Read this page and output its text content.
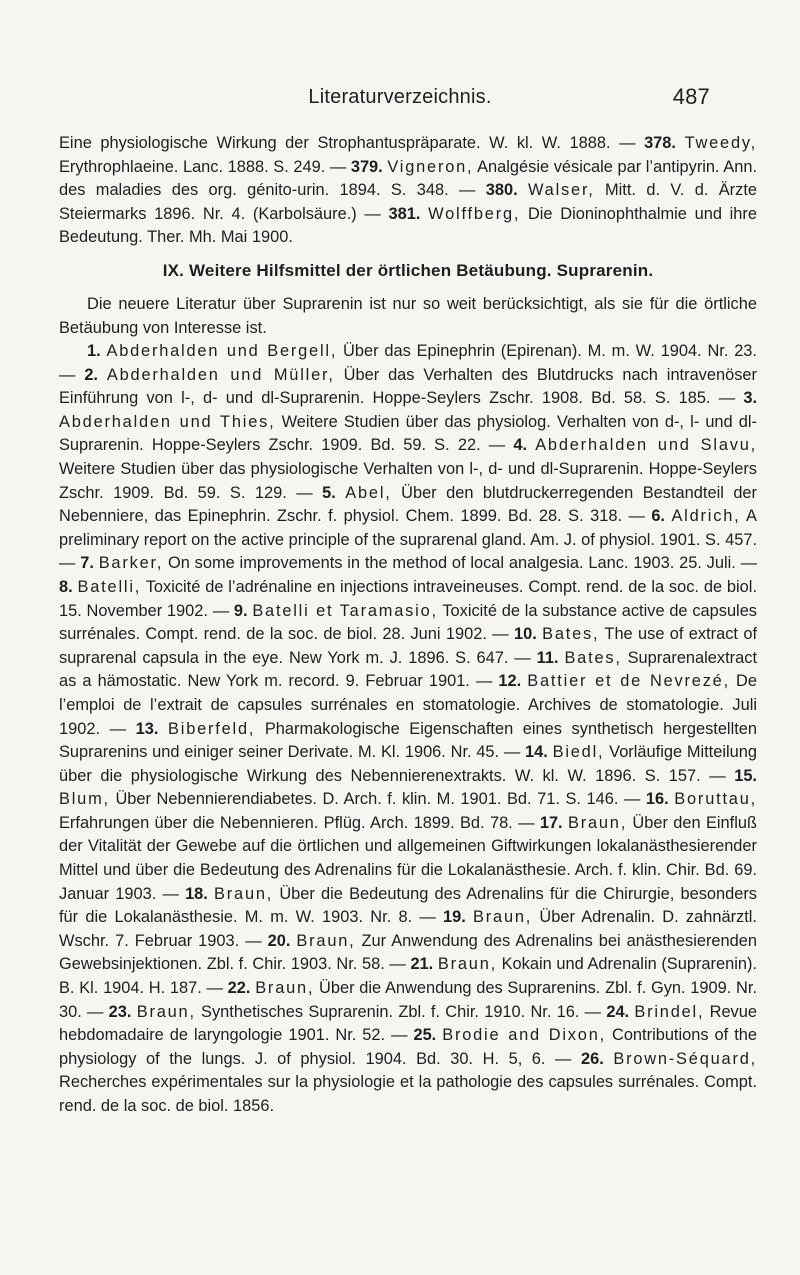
Literaturverzeichnis.	487
Eine physiologische Wirkung der Strophantuspräparate. W. kl. W. 1888. — 378. Tweedy, Erythrophlaeine. Lanc. 1888. S. 249. — 379. Vigneron, Analgésie vésicale par l’antipyrin. Ann. des maladies des org. génito-urin. 1894. S. 348. — 380. Walser, Mitt. d. V. d. Ärzte Steiermarks 1896. Nr. 4. (Karbolsäure.) — 381. Wolffberg, Die Dioninophthalmie und ihre Bedeutung. Ther. Mh. Mai 1900.
IX. Weitere Hilfsmittel der örtlichen Betäubung. Suprarenin.
Die neuere Literatur über Suprarenin ist nur so weit berücksichtigt, als sie für die örtliche Betäubung von Interesse ist.
1. Abderhalden und Bergell, Über das Epinephrin (Epirenan). M. m. W. 1904. Nr. 23. — 2. Abderhalden und Müller, Über das Verhalten des Blutdrucks nach intravenöser Einführung von l-, d- und dl-Suprarenin. Hoppe-Seylers Zschr. 1908. Bd. 58. S. 185. — 3. Abderhalden und Thies, Weitere Studien über das physiolog. Verhalten von d-, l- und dl-Suprarenin. Hoppe-Seylers Zschr. 1909. Bd. 59. S. 22. — 4. Abderhalden und Slavu, Weitere Studien über das physiologische Verhalten von l-, d- und dl-Suprarenin. Hoppe-Seylers Zschr. 1909. Bd. 59. S. 129. — 5. Abel, Über den blutdruckerregenden Bestandteil der Nebenniere, das Epinephrin. Zschr. f. physiol. Chem. 1899. Bd. 28. S. 318. — 6. Aldrich, A preliminary report on the active principle of the suprarenal gland. Am. J. of physiol. 1901. S. 457. — 7. Barker, On some improvements in the method of local analgesia. Lanc. 1903. 25. Juli. — 8. Batelli, Toxicité de l’adrénaline en injections intraveineuses. Compt. rend. de la soc. de biol. 15. November 1902. — 9. Batelli et Taramasio, Toxicité de la substance active de capsules surrénales. Compt. rend. de la soc. de biol. 28. Juni 1902. — 10. Bates, The use of extract of suprarenal capsula in the eye. New York m. J. 1896. S. 647. — 11. Bates, Suprarenalextract as a hämostatic. New York m. record. 9. Februar 1901. — 12. Battier et de Nevrezé, De l’emploi de l’extrait de capsules surrénales en stomatologie. Archives de stomatologie. Juli 1902. — 13. Biberfeld, Pharmakologische Eigenschaften eines synthetisch hergestellten Suprarenins und einiger seiner Derivate. M. Kl. 1906. Nr. 45. — 14. Biedl, Vorläufige Mitteilung über die physiologische Wirkung des Nebennierenextrakts. W. kl. W. 1896. S. 157. — 15. Blum, Über Nebennierendiabetes. D. Arch. f. klin. M. 1901. Bd. 71. S. 146. — 16. Boruttau, Erfahrungen über die Nebennieren. Pflüg. Arch. 1899. Bd. 78. — 17. Braun, Über den Einfluß der Vitalität der Gewebe auf die örtlichen und allgemeinen Giftwirkungen lokalanästhesierender Mittel und über die Bedeutung des Adrenalins für die Lokalanästhesie. Arch. f. klin. Chir. Bd. 69. Januar 1903. — 18. Braun, Über die Bedeutung des Adrenalins für die Chirurgie, besonders für die Lokalanästhesie. M. m. W. 1903. Nr. 8. — 19. Braun, Über Adrenalin. D. zahnärztl. Wschr. 7. Februar 1903. — 20. Braun, Zur Anwendung des Adrenalins bei anästhesierenden Gewebsinjektionen. Zbl. f. Chir. 1903. Nr. 58. — 21. Braun, Kokain und Adrenalin (Suprarenin). B. Kl. 1904. H. 187. — 22. Braun, Über die Anwendung des Suprarenins. Zbl. f. Gyn. 1909. Nr. 30. — 23. Braun, Synthetisches Suprarenin. Zbl. f. Chir. 1910. Nr. 16. — 24. Brindel, Revue hebdomadaire de laryngologie 1901. Nr. 52. — 25. Brodie and Dixon, Contributions of the physiology of the lungs. J. of physiol. 1904. Bd. 30. H. 5, 6. — 26. Brown-Séquard, Recherches expérimentales sur la physiologie et la pathologie des capsules surrénales. Compt. rend. de la soc. de biol. 1856.
